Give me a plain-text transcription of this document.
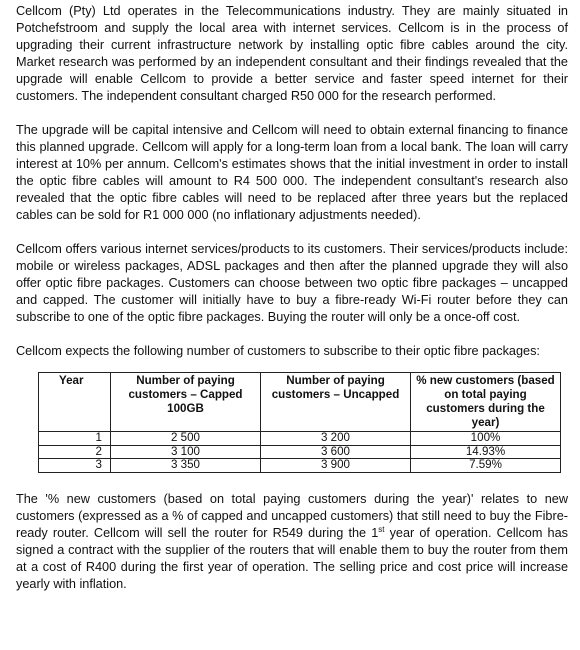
Cellcom (Pty) Ltd operates in the Telecommunications industry. They are mainly situated in Potchefstroom and supply the local area with internet services. Cellcom is in the process of upgrading their current infrastructure network by installing optic fibre cables around the city. Market research was performed by an independent consultant and their findings revealed that the upgrade will enable Cellcom to provide a better service and faster speed internet for their customers. The independent consultant charged R50 000 for the research performed.

The upgrade will be capital intensive and Cellcom will need to obtain external financing to finance this planned upgrade. Cellcom will apply for a long-term loan from a local bank. The loan will carry interest at 10% per annum. Cellcom's estimates shows that the initial investment in order to install the optic fibre cables will amount to R4 500 000. The independent consultant's research also revealed that the optic fibre cables will need to be replaced after three years but the replaced cables can be sold for R1 000 000 (no inflationary adjustments needed).

Cellcom offers various internet services/products to its customers. Their services/products include: mobile or wireless packages, ADSL packages and then after the planned upgrade they will also offer optic fibre packages. Customers can choose between two optic fibre packages – uncapped and capped. The customer will initially have to buy a fibre-ready Wi-Fi router before they can subscribe to one of the optic fibre packages. Buying the router will only be a once-off cost.

Cellcom expects the following number of customers to subscribe to their optic fibre packages:

Year	Number of paying customers – Capped 100GB	Number of paying customers – Uncapped	% new customers (based on total paying customers during the year)
1	2 500	3 200	100%
2	3 100	3 600	14.93%
3	3 350	3 900	7.59%

The '% new customers (based on total paying customers during the year)' relates to new customers (expressed as a % of capped and uncapped customers) that still need to buy the Fibre-ready router. Cellcom will sell the router for R549 during the 1st year of operation. Cellcom has signed a contract with the supplier of the routers that will enable them to buy the router from them at a cost of R400 during the first year of operation. The selling price and cost price will increase yearly with inflation.
